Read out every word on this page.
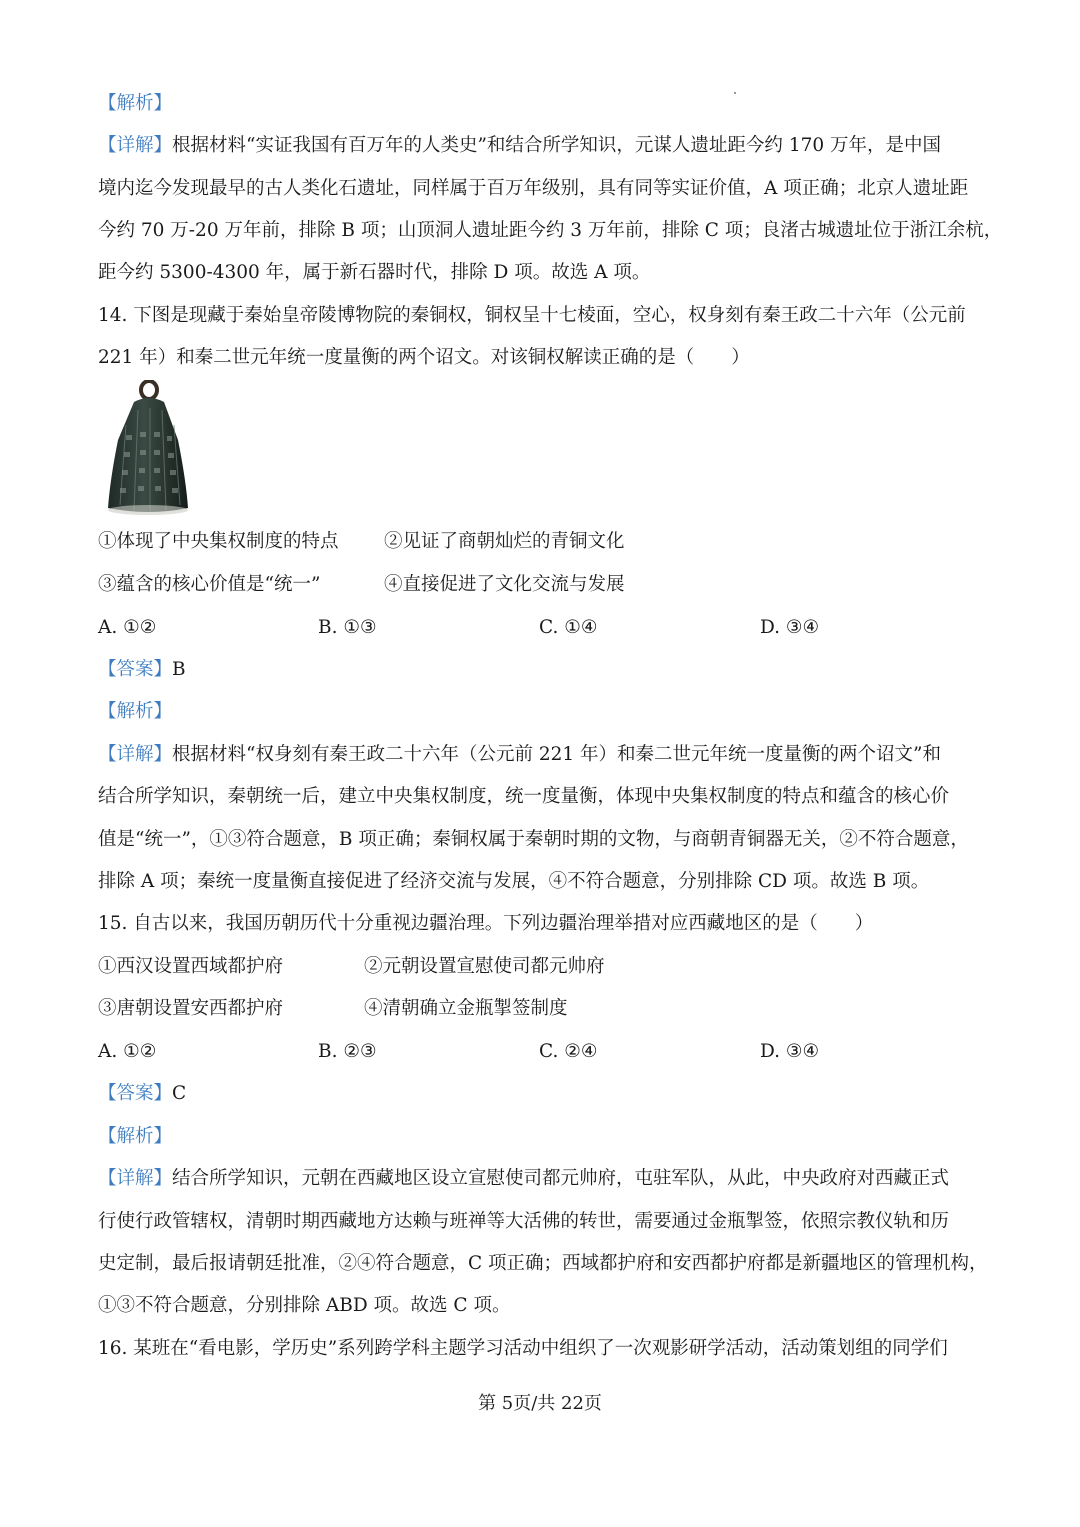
【解析】
【详解】根据材料“实证我国有百万年的人类史”和结合所学知识，元谋人遗址距今约 170 万年，是中国
境内迄今发现最早的古人类化石遗址，同样属于百万年级别，具有同等实证价值，A 项正确；北京人遗址距
今约 70 万-20 万年前，排除 B 项；山顶洞人遗址距今约 3 万年前，排除 C 项；良渚古城遗址位于浙江余杭，
距今约 5300-4300 年，属于新石器时代，排除 D 项。故选 A 项。
14. 下图是现藏于秦始皇帝陵博物院的秦铜权，铜权呈十七棱面，空心，权身刻有秦王政二十六年（公元前
221 年）和秦二世元年统一度量衡的两个诏文。对该铜权解读正确的是（　　）
①体现了中央集权制度的特点 ②见证了商朝灿烂的青铜文化
③蕴含的核心价值是“统一”	④直接促进了文化交流与发展
A. ①②	B. ①③	C. ①④	D. ③④
【答案】B
【解析】
【详解】根据材料“权身刻有秦王政二十六年（公元前 221 年）和秦二世元年统一度量衡的两个诏文”和
结合所学知识，秦朝统一后，建立中央集权制度，统一度量衡，体现中央集权制度的特点和蕴含的核心价
值是“统一”，①③符合题意，B 项正确；秦铜权属于秦朝时期的文物，与商朝青铜器无关，②不符合题意，
排除 A 项；秦统一度量衡直接促进了经济交流与发展，④不符合题意，分别排除 CD 项。故选 B 项。
15. 自古以来，我国历朝历代十分重视边疆治理。下列边疆治理举措对应西藏地区的是（　　）
①西汉设置西域都护府	②元朝设置宣慰使司都元帅府
③唐朝设置安西都护府	④清朝确立金瓶掣签制度
A. ①②	B. ②③	C. ②④	D. ③④
【答案】C
【解析】
【详解】结合所学知识，元朝在西藏地区设立宣慰使司都元帅府，屯驻军队，从此，中央政府对西藏正式
行使行政管辖权，清朝时期西藏地方达赖与班禅等大活佛的转世，需要通过金瓶掣签，依照宗教仪轨和历
史定制，最后报请朝廷批准，②④符合题意，C 项正确；西域都护府和安西都护府都是新疆地区的管理机构，
①③不符合题意，分别排除 ABD 项。故选 C 项。
16. 某班在“看电影，学历史”系列跨学科主题学习活动中组织了一次观影研学活动，活动策划组的同学们
第 5页/共 22页
